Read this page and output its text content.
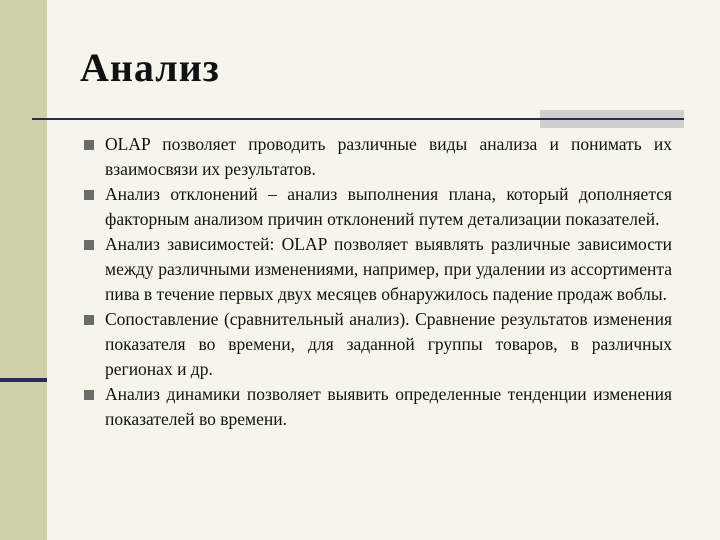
Анализ
OLAP позволяет проводить различные виды анализа и понимать их взаимосвязи их результатов.
Анализ отклонений – анализ выполнения плана, который дополняется факторным анализом причин отклонений путем детализации показателей.
Анализ зависимостей: OLAP позволяет выявлять различные зависимости между различными изменениями, например, при удалении из ассортимента пива в течение первых двух месяцев обнаружилось падение продаж воблы.
Сопоставление (сравнительный анализ). Сравнение результатов изменения показателя во времени, для заданной группы товаров, в различных регионах и др.
Анализ динамики позволяет выявить определенные тенденции изменения показателей во времени.
